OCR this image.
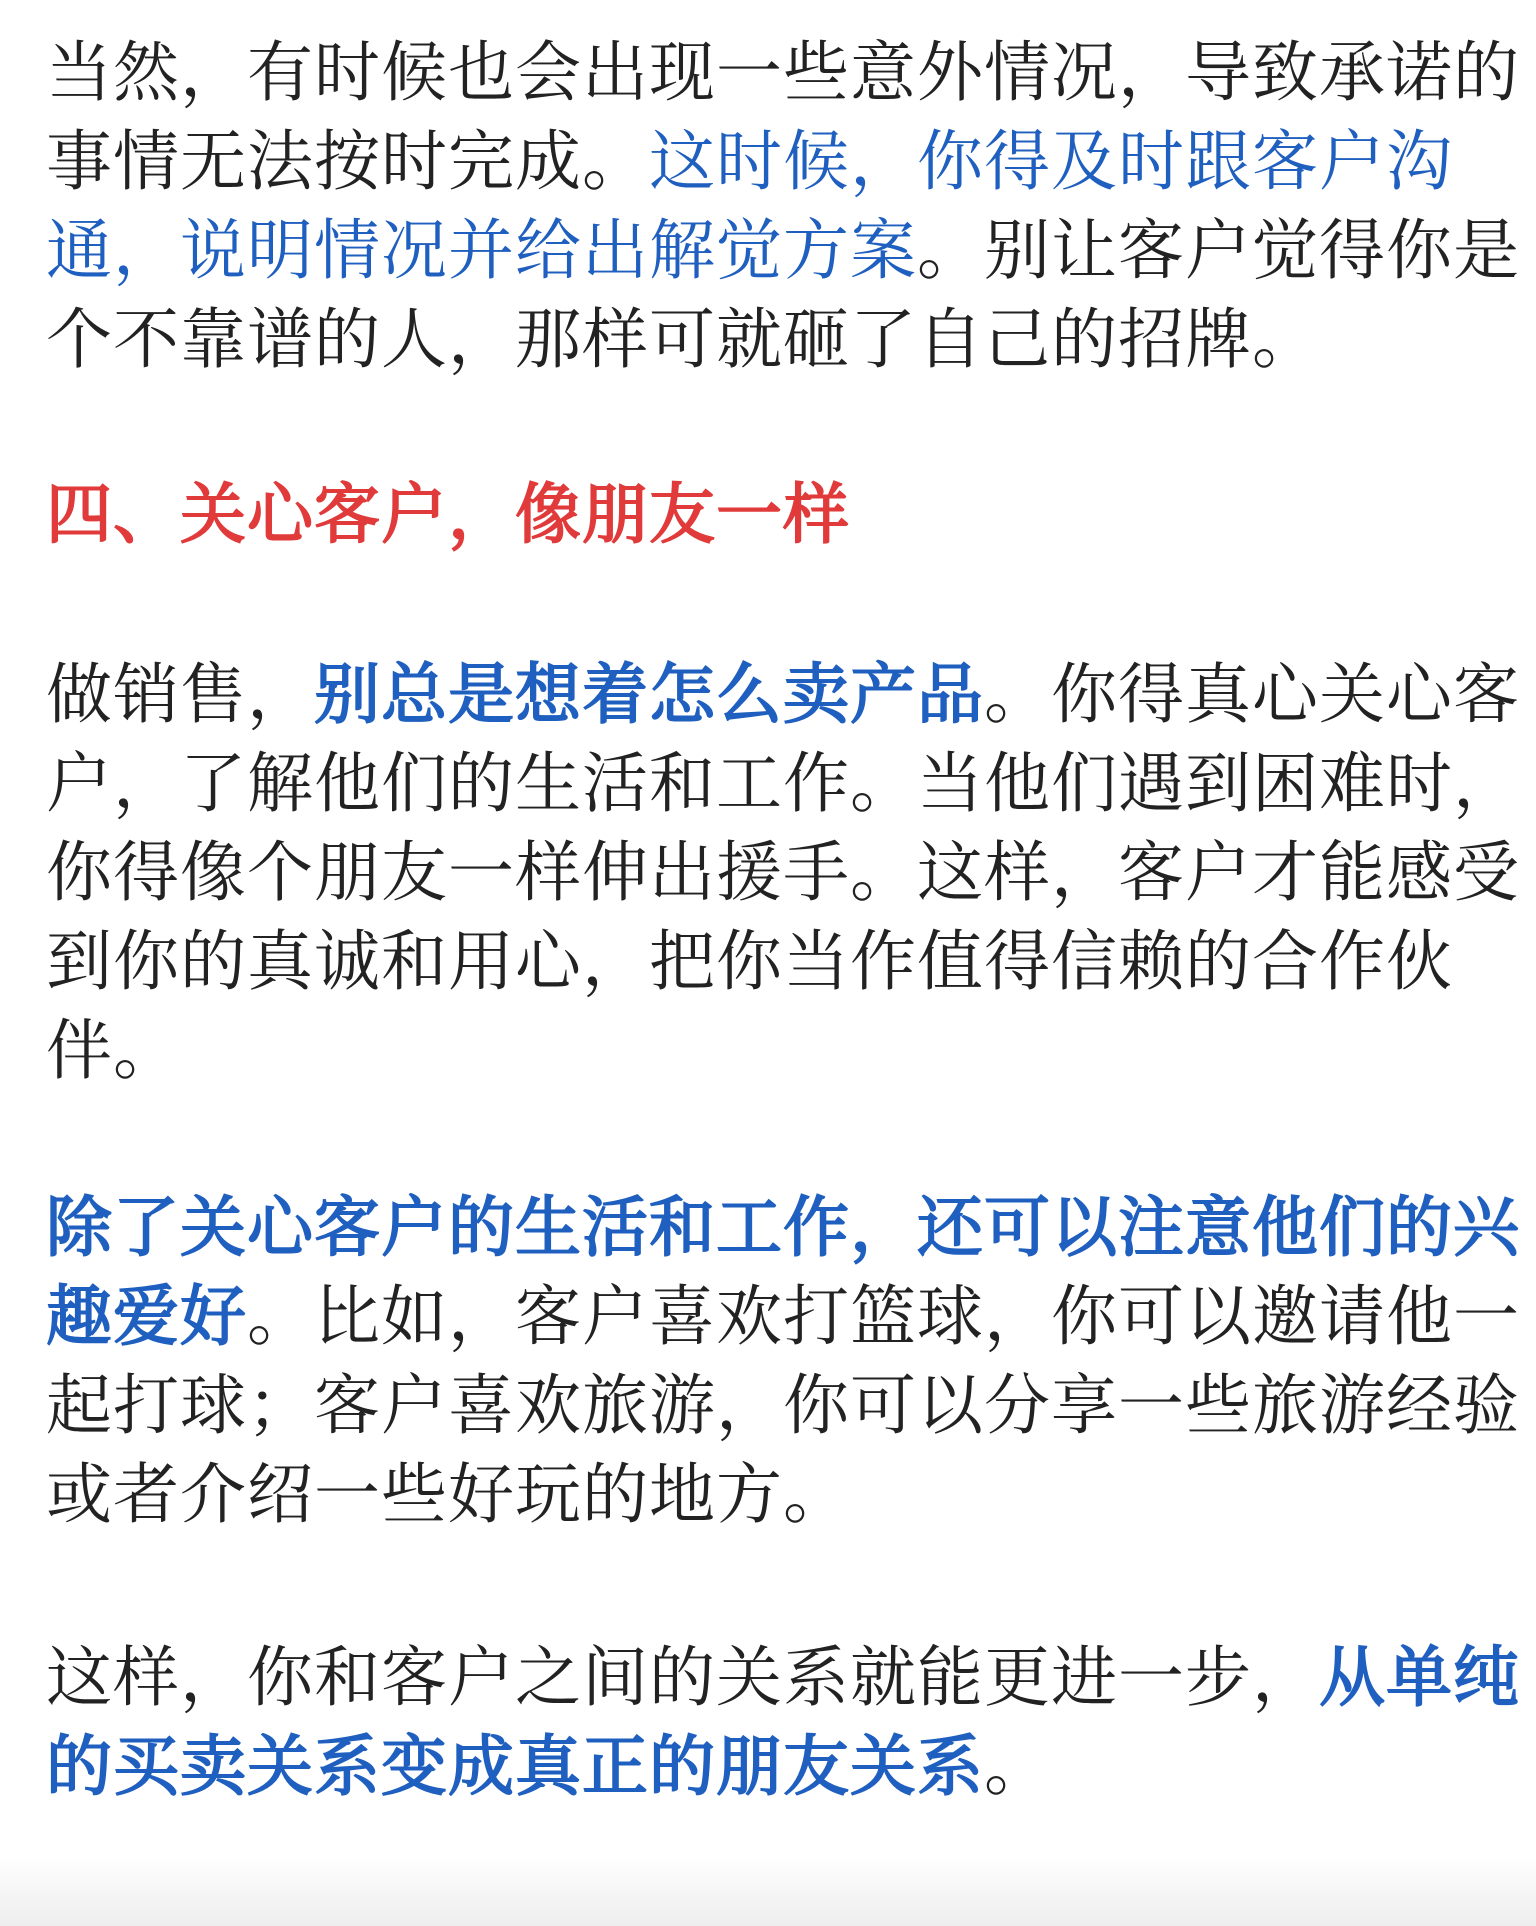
当然，有时候也会出现一些意外情况，导致承诺的
事情无法按时完成。这时候，你得及时跟客户沟
通，说明情况并给出解觉方案。别让客户觉得你是
个不靠谱的人，那样可就砸了自己的招牌。
四、关心客户，像朋友一样
做销售，别总是想着怎么卖产品。你得真心关心客
户，了解他们的生活和工作。当他们遇到困难时，
你得像个朋友一样伸出援手。这样，客户才能感受
到你的真诚和用心，把你当作值得信赖的合作伙
伴。
除了关心客户的生活和工作，还可以注意他们的兴
趣爱好。比如，客户喜欢打篮球，你可以邀请他一
起打球；客户喜欢旅游，你可以分享一些旅游经验
或者介绍一些好玩的地方。
这样，你和客户之间的关系就能更进一步，从单纯
的买卖关系变成真正的朋友关系。
